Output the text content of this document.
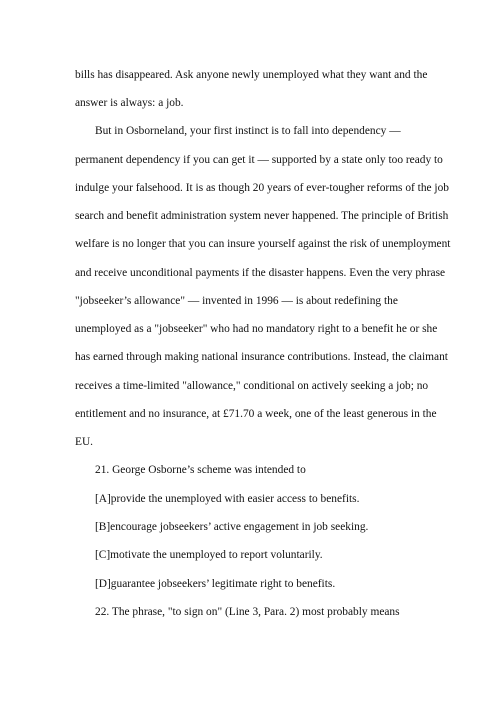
bills has disappeared. Ask anyone newly unemployed what they want and the
answer is always: a job.
But in Osborneland, your first instinct is to fall into dependency —
permanent dependency if you can get it — supported by a state only too ready to
indulge your falsehood. It is as though 20 years of ever-tougher reforms of the job
search and benefit administration system never happened. The principle of British
welfare is no longer that you can insure yourself against the risk of unemployment
and receive unconditional payments if the disaster happens. Even the very phrase
"jobseeker’s allowance" — invented in 1996 — is about redefining the
unemployed as a "jobseeker" who had no mandatory right to a benefit he or she
has earned through making national insurance contributions. Instead, the claimant
receives a time-limited "allowance," conditional on actively seeking a job; no
entitlement and no insurance, at £71.70 a week, one of the least generous in the
EU.
21. George Osborne’s scheme was intended to
[A]provide the unemployed with easier access to benefits.
[B]encourage jobseekers’ active engagement in job seeking.
[C]motivate the unemployed to report voluntarily.
[D]guarantee jobseekers’ legitimate right to benefits.
22. The phrase, "to sign on" (Line 3, Para. 2) most probably means
